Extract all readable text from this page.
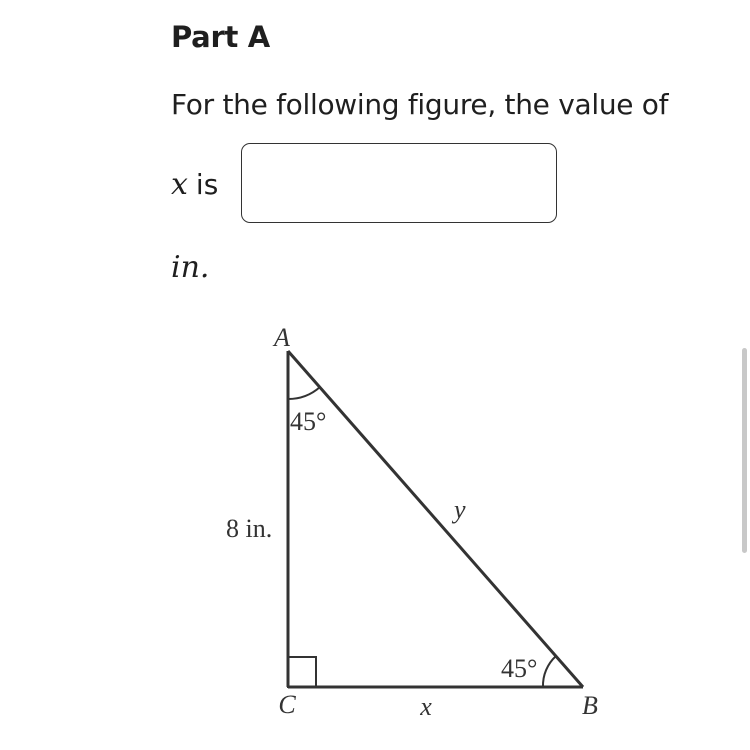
Part A
For the following figure, the value of
x is
in.
A
45°
8 in.
y
45°
C	x	B
